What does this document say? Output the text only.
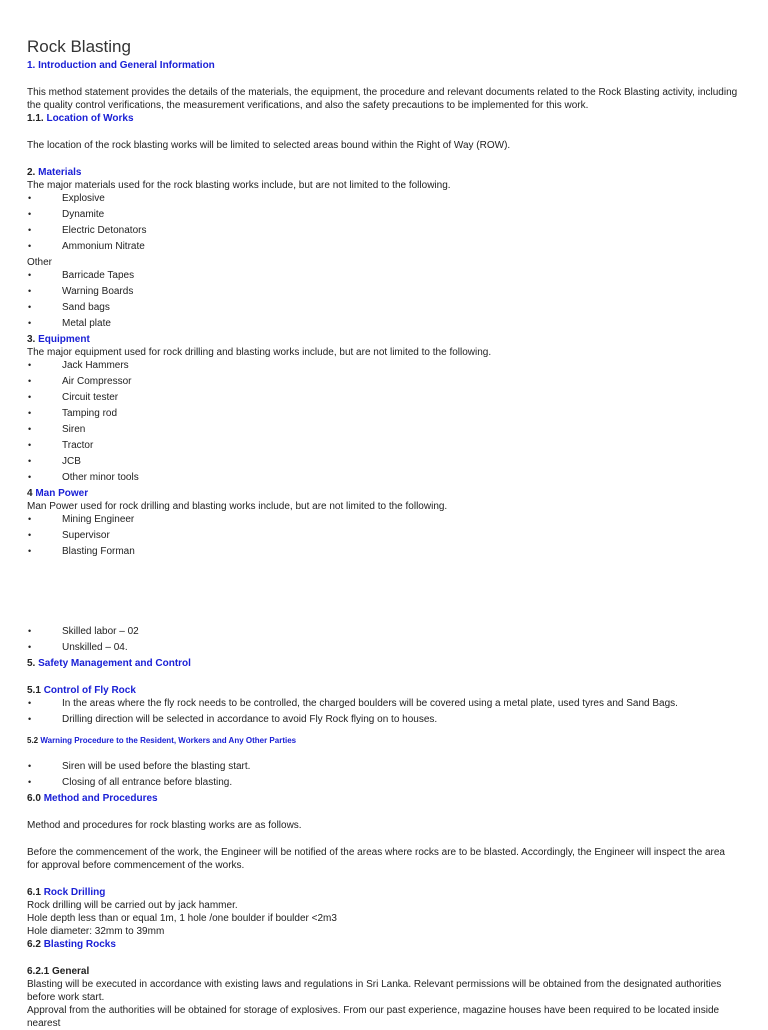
Rock Blasting
1. Introduction and General Information

This method statement provides the details of the materials, the equipment, the procedure and relevant documents related to the Rock Blasting activity, including the quality control verifications, the measurement verifications, and also the safety precautions to be implemented for this work.

1.1. Location of Works

The location of the rock blasting works will be limited to selected areas bound within the Right of Way (ROW).

2. Materials

The major materials used for the rock blasting works include, but are not limited to the following.

• Explosive
• Dynamite
• Electric Detonators
• Ammonium Nitrate

Other

• Barricade Tapes
• Warning Boards
• Sand bags
• Metal plate
3. Equipment

The major equipment used for rock drilling and blasting works include, but are not limited to the following.

• Jack Hammers
• Air Compressor
• Circuit tester
• Tamping rod
• Siren
• Tractor
• JCB
• Other minor tools
4 Man Power

Man Power used for rock drilling and blasting works include, but are not limited to the following.

• Mining Engineer
• Supervisor
• Blasting Forman
• Skilled labor – 02
• Unskilled – 04.
5. Safety Management and Control
5.1 Control of Fly Rock
• In the areas where the fly rock needs to be controlled, the charged boulders will be covered using a metal plate, used tyres and Sand Bags.
• Drilling direction will be selected in accordance to avoid Fly Rock flying on to houses.
5.2 Warning Procedure to the Resident, Workers and Any Other Parties
• Siren will be used before the blasting start.
• Closing of all entrance before blasting.
6.0 Method and Procedures

Method and procedures for rock blasting works are as follows.

Before the commencement of the work, the Engineer will be notified of the areas where rocks are to be blasted. Accordingly, the Engineer will inspect the area for approval before commencement of the works.

6.1 Rock Drilling

Rock drilling will be carried out by jack hammer.

Hole depth less than or equal 1m, 1 hole /one boulder if boulder <2m3

Hole diameter: 32mm to 39mm

6.2 Blasting Rocks
6.2.1 General

Blasting will be executed in accordance with existing laws and regulations in Sri Lanka. Relevant permissions will be obtained from the designated authorities before work start.

Approval from the authorities will be obtained for storage of explosives. From our past experience, magazine houses have been required to be located inside nearest
